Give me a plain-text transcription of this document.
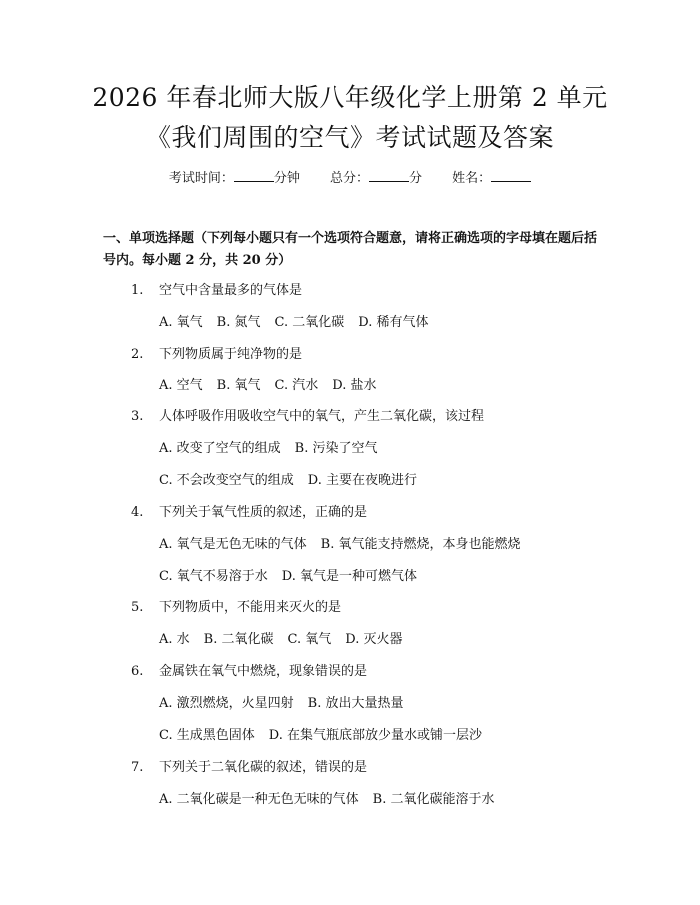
2026 年春北师大版八年级化学上册第 2 单元
《我们周围的空气》考试试题及答案
考试时间：	分钟 总分：	分 姓名：
一、单项选择题（下列每小题只有一个选项符合题意，请将正确选项的字母填在题后括号内。每小题 2 分，共 20 分）
1. 空气中含量最多的气体是
A. 氧气 B. 氮气 C. 二氧化碳 D. 稀有气体
2. 下列物质属于纯净物的是
A. 空气 B. 氧气 C. 汽水 D. 盐水
3. 人体呼吸作用吸收空气中的氧气，产生二氧化碳，该过程
A. 改变了空气的组成 B. 污染了空气
C. 不会改变空气的组成 D. 主要在夜晚进行
4. 下列关于氧气性质的叙述，正确的是
A. 氧气是无色无味的气体 B. 氧气能支持燃烧，本身也能燃烧
C. 氧气不易溶于水 D. 氧气是一种可燃气体
5. 下列物质中，不能用来灭火的是
A. 水 B. 二氧化碳 C. 氧气 D. 灭火器
6. 金属铁在氧气中燃烧，现象错误的是
A. 激烈燃烧，火星四射 B. 放出大量热量
C. 生成黑色固体 D. 在集气瓶底部放少量水或铺一层沙
7. 下列关于二氧化碳的叙述，错误的是
A. 二氧化碳是一种无色无味的气体 B. 二氧化碳能溶于水
